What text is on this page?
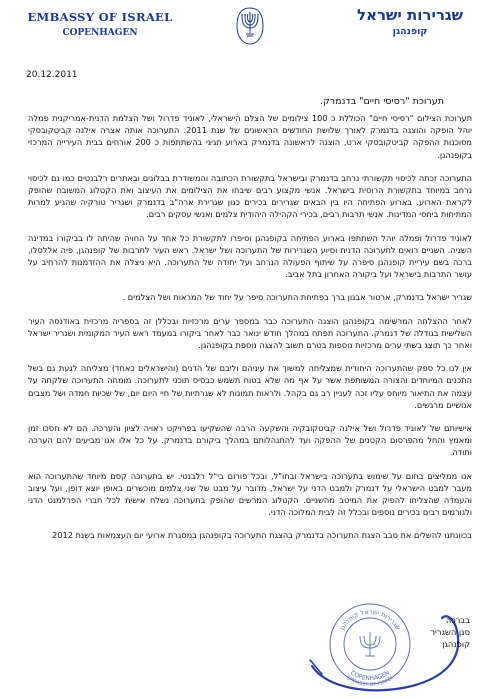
EMBASSY OF ISRAEL
COPENHAGEN
שגרירות ישראל
קופנהגן
20.12.2011
תערוכת "רסיסי חיים" בדנמרק.

תערוכת הצילום "רסיסי חיים" הכוללת כ 100 צילומים של הצלם הישראלי, לאוניד פדרול ושל הצלמת הדנית-אמריקנית פמלה יוהל הופקה והוצגה בדנמרק לאורך שלושת החודשים הראשונים של שנת 2011. התערוכה אותה אצרה אילנה קביטקובסקי מסוכנות ההפקה קביטקובסקי ארט, הוצגה לראשונה בדנמרק בארוע תגיגי בהשתתפות כ 200 אורחים בבית העירייה המרכזי בקופנהגן.

התערוכה זכתה לכיסוי תקשורתי נרחב בדנמרק ובישראל בתקשורת הכתובה והמשודרת בבלוגים ובאתרים רלבנטים כמו גם לכיסוי נרחב במיוחד בתקשורת הרוסית בישראל. אנשי מקצוע רבים שיבחו את הצילומים את העיצוב ואת הקטלוג המשובח שהופק לקראת הארוע. בארוע הפתיחה היו בין הבאים שגרירים בכירים כגון שגרירת ארה"ב בדנמרק ושגריר טורקיה שהגיע למרות המתיחות ביחסי המדינות. אנשי תרבות רבים, בכירי הקהילה היהודית צלמים ואנשי עסקים רבים.

לאוניד פדרול ופמלה יוהל השתתפו בארוע הפתיחה בקופנהגן וסיפרו לתקשורת כל אחד על החויה שהיתה לו בביקורו במדינה השניה. השניים רואים לתערוכה הדנית וסיוע השגרירות של התערוכה ושל ישראל. ראש העיר לתרבות של קופנהגן, פיה אללסלו, ברכה בשם עיריית קופנהגן סיפרה על שיתוף הפעולה הנרחב ועל יחודה של התערוכה. היא ניצלה את ההזדמנות להרחיב על עושר התרבות בישראל ועל ביקורה האחרון בתל אביב.

שגריר ישראל בדנמרק, ארטור אבנון ברך בפתיחת התערוכה סיפר על יחוד של המראות ושל הצלמים .

לאחר ההצלחה המרשימה בקופנהגן הוצגה התערוכה כבר במספר ערים מרכזיות ובכללן זה בספריה מרכזית באודנסה העיר השלישית בגודלה של דנמרק. התערוכה תפתח במהלך חודש ינואר כבר לאחר ביקורו במעמד ראש העיר המקומית ושגריר ישראל ואחר כך תוצג בשתי ערים מרכזיות נוספות בטרם תשוב להצגה נוספת בקופנהגן.

אין לנו כל ספק שהתערוכה היחודית שמצליחה למשוך את עיניהם וליבם של הדנים (והישראלים כאחד) מצליחה לגעת גם בשל התכנים המיוחדים והצורה המשותפת אשר על אף מה שלא בטוח תשמש כבסיס תוכני לתערוכה. מומחה התערוכה שלקחה על עצמה את התיאור מיוחס עליו זכה לעניין רב גם בקהל. ולראות תמונות לא שגרתיות של חיי היום יום, של שכיות חמדה ושל מצבים אנושיים מרגשים.

אישיותם של לאוניד פדרול ושל אילנה קביטקובקיה והשקעה הרבה שהשקיעו בפרויקט ראויה לציון והערכה. הם לא חסכו זמן ומאמץ והחל מהפרסום הקטנים של ההפקה ועד להתנהלותם במהלך ביקורם בדנמרק. על כל אלו אנו מביעים להם הערכה ותודה.

אנו ממליצים בחום על שימוש בתערוכה בישראל ובחו"ל, ובכל פורום בי"ל רלבנטי. יש בתערוכה קסם מיוחד שהתערוכה הוא מעבר למבט הישראלי על דנמרק ולמבט הדני על ישראל, מדובר על מבט של שני צלמים מוכשרים באופן יוצא דופן, ועל עיצוב והעמדה שהצליחו להפיק את המיטב מהשניים. הקטלוג המרשים שהופק בתערוכה נשלח אישית לכל חברי הפרלמנט הדני ולגורמים רבים בכירים נוספים ובכלל זה לבית המלוכה הדני.

בכוונתנו להשלים את סבב הצגת התערוכה בדנמרק בהצגת התערוכה בקופנהגן במסגרת ארועי יום העצמאות בשנת 2012

שגרירות ישראל קופנהגן
COPENHAGEN
EMBASSY OF ISRAEL
בברכה
סגן השגריר
קופנהגן
